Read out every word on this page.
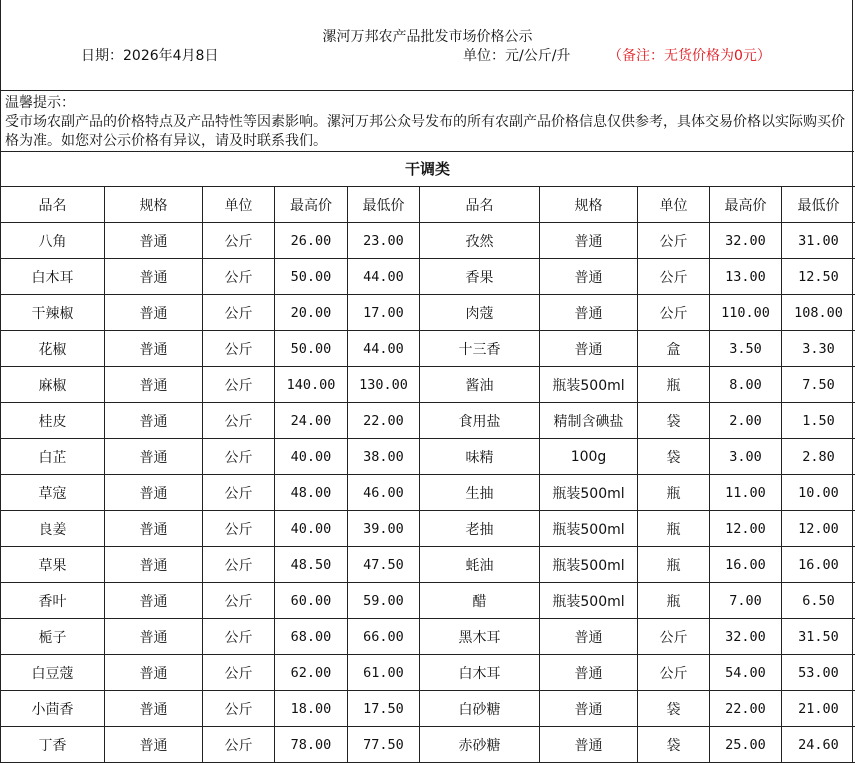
漯河万邦农产品批发市场价格公示
日期：2026年4月8日	单位：元/公斤/升	（备注：无货价格为0元）
温馨提示：
受市场农副产品的价格特点及产品特性等因素影响。漯河万邦公众号发布的所有农副产品价格信息仅供参考，具体交易价格以实际购买价格为准。如您对公示价格有异议，请及时联系我们。
干调类
品名	规格	单位	最高价	最低价	品名	规格	单位	最高价	最低价
八角	普通	公斤	26.00	23.00	孜然	普通	公斤	32.00	31.00
白木耳	普通	公斤	50.00	44.00	香果	普通	公斤	13.00	12.50
干辣椒	普通	公斤	20.00	17.00	肉蔻	普通	公斤	110.00	108.00
花椒	普通	公斤	50.00	44.00	十三香	普通	盒	3.50	3.30
麻椒	普通	公斤	140.00	130.00	酱油	瓶装500ml	瓶	8.00	7.50
桂皮	普通	公斤	24.00	22.00	食用盐	精制含碘盐	袋	2.00	1.50
白芷	普通	公斤	40.00	38.00	味精	100g	袋	3.00	2.80
草寇	普通	公斤	48.00	46.00	生抽	瓶装500ml	瓶	11.00	10.00
良姜	普通	公斤	40.00	39.00	老抽	瓶装500ml	瓶	12.00	12.00
草果	普通	公斤	48.50	47.50	蚝油	瓶装500ml	瓶	16.00	16.00
香叶	普通	公斤	60.00	59.00	醋	瓶装500ml	瓶	7.00	6.50
栀子	普通	公斤	68.00	66.00	黑木耳	普通	公斤	32.00	31.50
白豆蔻	普通	公斤	62.00	61.00	白木耳	普通	公斤	54.00	53.00
小茴香	普通	公斤	18.00	17.50	白砂糖	普通	袋	22.00	21.00
丁香	普通	公斤	78.00	77.50	赤砂糖	普通	袋	25.00	24.60
